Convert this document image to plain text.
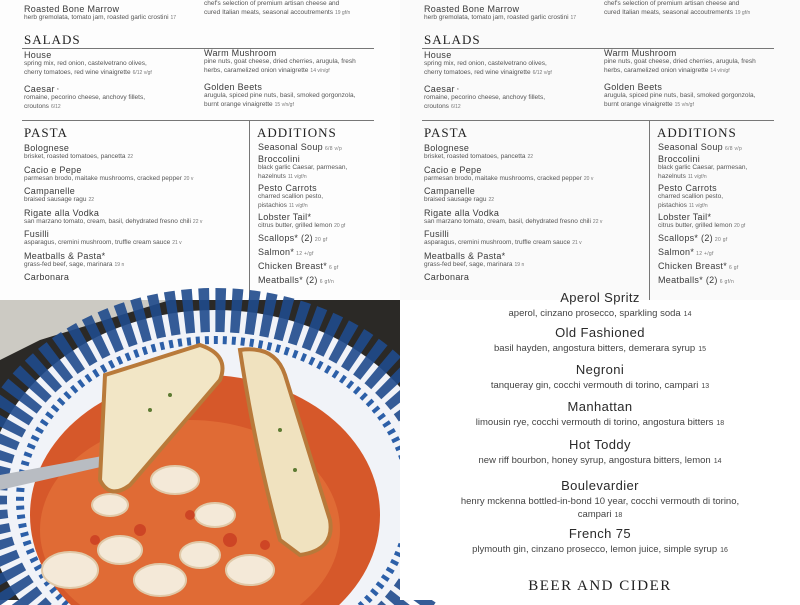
Roasted Bone Marrow
herb gremolata, tomato jam, roasted garlic crostini 17
chef's selection of premium artisan cheese and
cured Italian meats, seasonal accoutrements 19 gf/n
SALADS
House
spring mix, red onion, castelvetrano olives,
cherry tomatoes, red wine vinaigrette 6/12 v/gf
Caesar *
romaine, pecorino cheese, anchovy fillets,
croutons 6/12
Warm Mushroom
pine nuts, goat cheese, dried cherries, arugula, fresh
herbs, caramelized onion vinaigrette 14 v/n/gf
Golden Beets
arugula, spiced pine nuts, basil, smoked gorgonzola,
burnt orange vinaigrette 15 v/n/gf
PASTA
Bolognese
brisket, roasted tomatoes, pancetta 22
Cacio e Pepe
parmesan brodo, maitake mushrooms, cracked pepper 20 v
Campanelle
braised sausage ragu 22
Rigate alla Vodka
san marzano tomato, cream, basil, dehydrated fresno chili 22 v
Fusilli
asparagus, cremini mushroom, truffle cream sauce 21 v
Meatballs & Pasta*
grass-fed beef, sage, marinara 19 n
Carbonara
ADDITIONS
Seasonal Soup 6/8 v/p
Broccolini
black garlic Caesar, parmesan,
hazelnuts 11 v/gf/n
Pesto Carrots
charred scallion pesto,
pistachios 11 v/gf/n
Lobster Tail*
citrus butter, grilled lemon 20 gf
Scallops* (2) 20 gf
Salmon* 12 +/gf
Chicken Breast* 6 gf
Meatballs* (2) 6 gf/n
Roasted Bone Marrow
herb gremolata, tomato jam, roasted garlic crostini 17
chef's selection of premium artisan cheese and
cured Italian meats, seasonal accoutrements 19 gf/n
SALADS
House
spring mix, red onion, castelvetrano olives,
cherry tomatoes, red wine vinaigrette 6/12 v/gf
Caesar *
romaine, pecorino cheese, anchovy fillets,
croutons 6/12
Warm Mushroom
pine nuts, goat cheese, dried cherries, arugula, fresh
herbs, caramelized onion vinaigrette 14 v/n/gf
Golden Beets
arugula, spiced pine nuts, basil, smoked gorgonzola,
burnt orange vinaigrette 15 v/n/gf
PASTA
Bolognese
brisket, roasted tomatoes, pancetta 22
Cacio e Pepe
parmesan brodo, maitake mushrooms, cracked pepper 20 v
Campanelle
braised sausage ragu 22
Rigate alla Vodka
san marzano tomato, cream, basil, dehydrated fresno chili 22 v
Fusilli
asparagus, cremini mushroom, truffle cream sauce 21 v
Meatballs & Pasta*
grass-fed beef, sage, marinara 19 n
Carbonara
ADDITIONS
Seasonal Soup 6/8 v/p
Broccolini
black garlic Caesar, parmesan,
hazelnuts 11 v/gf/n
Pesto Carrots
charred scallion pesto,
pistachios 11 v/gf/n
Lobster Tail*
citrus butter, grilled lemon 20 gf
Scallops* (2) 20 gf
Salmon* 12 +/gf
Chicken Breast* 6 gf
Meatballs* (2) 6 gf/n
Aperol Spritz
aperol, cinzano prosecco, sparkling soda 14
Old Fashioned
basil hayden, angostura bitters, demerara syrup 15
Negroni
tanqueray gin, cocchi vermouth di torino, campari 13
Manhattan
limousin rye, cocchi vermouth di torino, angostura bitters 18
Hot Toddy
new riff bourbon, honey syrup, angostura bitters, lemon 14
Boulevardier
henry mckenna bottled-in-bond 10 year, cocchi vermouth di torino, campari 18
French 75
plymouth gin, cinzano prosecco, lemon juice, simple syrup 16
BEER AND CIDER
